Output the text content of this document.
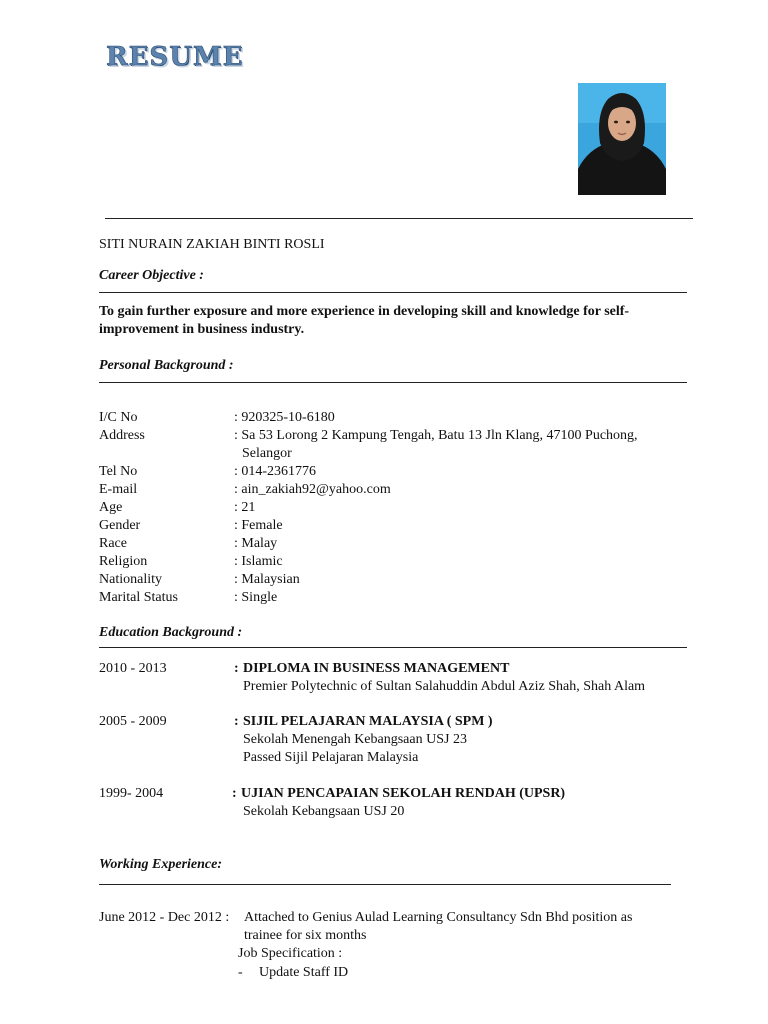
RESUME
SITI NURAIN ZAKIAH BINTI ROSLI
Career Objective :
To gain further exposure and more experience in developing skill and knowledge for self-improvement in business industry.
Personal Background :
I/C No	: 920325-10-6180
Address	: Sa 53 Lorong 2 Kampung Tengah, Batu 13 Jln Klang, 47100 Puchong,
Selangor
Tel No	: 014-2361776
E-mail	: ain_zakiah92@yahoo.com
Age	: 21
Gender	: Female
Race	: Malay
Religion	: Islamic
Nationality	: Malaysian
Marital Status	: Single
Education Background :
2010 - 2013	: DIPLOMA IN BUSINESS MANAGEMENT
Premier Polytechnic of Sultan Salahuddin Abdul Aziz Shah, Shah Alam
2005 - 2009	: SIJIL PELAJARAN MALAYSIA ( SPM )
Sekolah Menengah Kebangsaan USJ 23
Passed Sijil Pelajaran Malaysia
1999- 2004	: UJIAN PENCAPAIAN SEKOLAH RENDAH (UPSR)
Sekolah Kebangsaan USJ 20
Working Experience:
June 2012 - Dec 2012 : Attached to Genius Aulad Learning Consultancy Sdn Bhd position as
trainee for six months
Job Specification :
- Update Staff ID
